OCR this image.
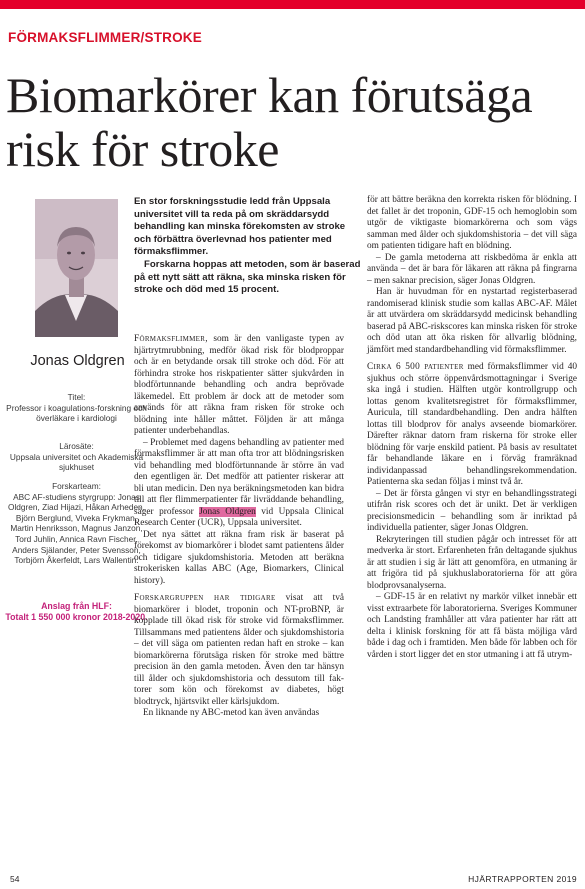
FÖRMAKSFLIMMER/STROKE
Biomarkörer kan förutsäga risk för stroke
Jonas Oldgren
Titel:
Professor i koagulations-forskning och överläkare i kardiologi
Lärosäte:
Uppsala universitet och Akademiska sjukhuset
Forskarteam:
ABC AF-studiens styrgrupp: Jonas Oldgren, Ziad Hijazi, Håkan Arheden, Björn Berglund, Viveka Frykman, Martin Henriksson, Magnus Janzon, Tord Juhlin, Annica Ravn Fischer, Anders Själander, Peter Svensson, Torbjörn Åkerfeldt, Lars Wallentin.
Anslag från HLF:
Totalt 1 550 000 kronor 2018-2020.

En stor forskningsstudie ledd från Uppsala universitet vill ta reda på om skräddarsydd behandling kan minska förekomsten av stroke och förbättra överlevnad hos patienter med förmaksflimmer.

Forskarna hoppas att metoden, som är baserad på ett nytt sätt att räkna, ska minska risken för stroke och död med 15 procent.

Förmaksflimmer, som är den vanligaste typen av hjärtrytmrubbning, medför ökad risk för blodproppar och är en betydande orsak till stroke och död. För att förhindra stroke hos riskpatienter sätter sjukvården in blodförtunnande behandling och andra beprövade läkemedel. Ett problem är dock att de metoder som används för att räkna fram risken för stroke och blödning inte håller måttet. Följden är att många patienter underbehandlas.

– Problemet med dagens behandling av patienter med förmaksflimmer är att man ofta tror att blödningsrisken vid behandling med blodförtunnande är större än vad den egentligen är. Det medför att patienter riskerar att bli utan medicin. Den nya beräkningsmetoden kan bidra till att fler flimmerpatienter får livräddande behandling, säger professor Jonas Oldgren vid Uppsala Clinical Research Center (UCR), Uppsala universitet.

Det nya sättet att räkna fram risk är baserat på förekomst av biomarkörer i blodet samt patientens ålder och tidigare sjukdomshistoria. Metoden att beräkna strokerisken kallas ABC (Age, Biomarkers, Clinical history).

Forskargruppen har tidigare visat att två biomarkörer i blodet, troponin och NT-proBNP, är kopplade till ökad risk för stroke vid förmaksflimmer. Tillsammans med patientens ålder och sjukdomshistoria – det vill säga om patienten redan haft en stroke – kan biomarkörerna förutsäga risken för stroke med bättre precision än den gamla metoden. Även den tar hänsyn till ålder och sjukdomshistoria och dessutom till faktorer som kön och förekomst av diabetes, högt blodtryck, hjärtsvikt eller kärlsjukdom.

En liknande ny ABC-metod kan även användas

för att bättre beräkna den korrekta risken för blödning. I det fallet är det troponin, GDF-15 och hemoglobin som utgör de viktigaste biomarkörerna och som vägs samman med ålder och sjukdomshistoria – det vill säga om patienten tidigare haft en blödning.

– De gamla metoderna att riskbedöma är enkla att använda – det är bara för läkaren att räkna på fingrarna – men saknar precision, säger Jonas Oldgren.

Han är huvudman för en nystartad registerbaserad randomiserad klinisk studie som kallas ABC-AF. Målet är att utvärdera om skräddarsydd medicinsk behandling baserad på ABC-riskscores kan minska risken för stroke och död utan att öka risken för allvarlig blödning, jämfört med standardbehandling vid förmaksflimmer.

Cirka 6 500 patienter med förmaksflimmer vid 40 sjukhus och större öppenvårdsmottagningar i Sverige ska ingå i studien. Hälften utgör kontrollgrupp och lottas genom kvalitetsregistret för förmaksflimmer, Auricula, till standardbehandling. Den andra hälften lottas till blodprov för analys avseende biomarkörer. Därefter räknar datorn fram riskerna för stroke eller blödning för varje enskild patient. På basis av resultatet får behandlande läkare en i förväg framräknad individanpassad behandlingsrekommendation. Patienterna ska sedan följas i minst två år.

– Det är första gången vi styr en behandlingsstrategi utifrån risk scores och det är unikt. Det är verkligen precisionsmedicin – behandling som är inriktad på individuella patienter, säger Jonas Oldgren.

Rekryteringen till studien pågår och intresset för att medverka är stort. Erfarenheten från deltagande sjukhus är att studien i sig är lätt att genomföra, en utmaning är att frigöra tid på sjukhuslaboratorierna för att göra blodprovsanalyserna.

– GDF-15 är en relativt ny markör vilket innebär ett visst extraarbete för laboratorierna. Sveriges Kommuner och Landsting framhåller att våra patienter har rätt att delta i klinisk forskning för att få bästa möjliga vård både i dag och i framtiden. Men både för labben och för vården i stort ligger det en stor utmaning i att få utrym-

54	HJÄRTRAPPORTEN 2019
